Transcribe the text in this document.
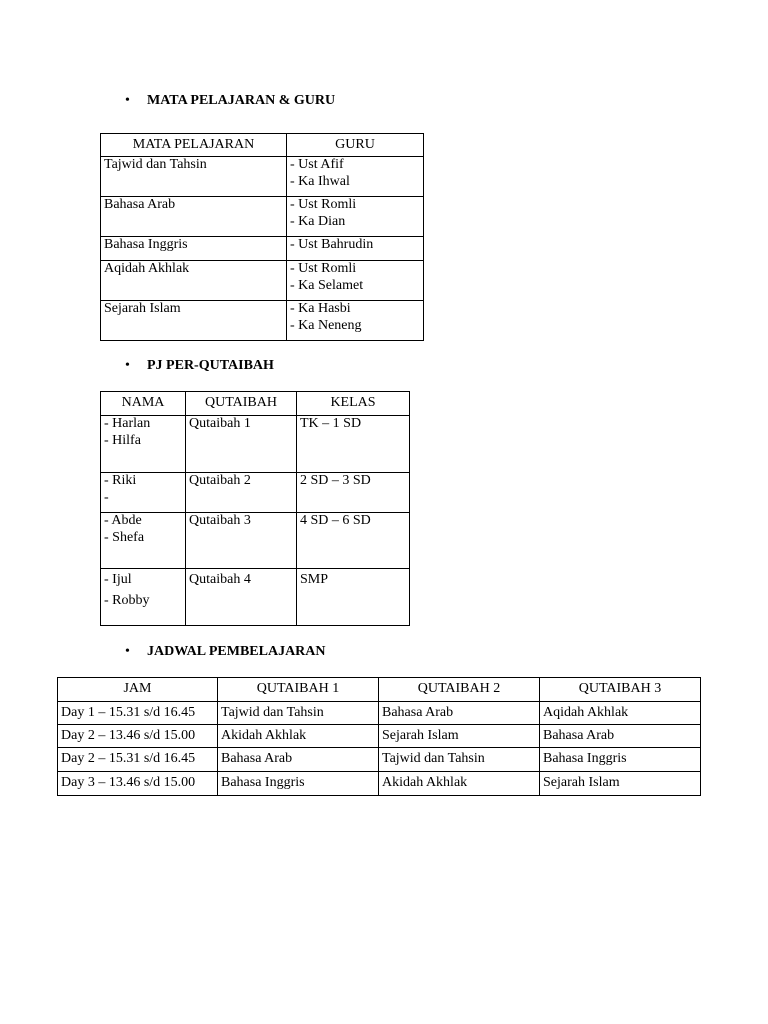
• MATA PELAJARAN & GURU
MATA PELAJARAN	GURU
Tajwid dan Tahsin	- Ust Afif
- Ka Ihwal

Bahasa Arab	- Ust Romli
- Ka Dian

Bahasa Inggris	- Ust Bahrudin

Aqidah Akhlak	- Ust Romli
- Ka Selamet

Sejarah Islam	- Ka Hasbi
- Ka Neneng
• PJ PER-QUTAIBAH
NAMA	QUTAIBAH	KELAS

- Harlan
- Hilfa	Qutaibah 1	TK – 1 SD

- Riki
-	Qutaibah 2	2 SD – 3 SD

- Abde
- Shefa	Qutaibah 3	4 SD – 6 SD

- Ijul
- Robby	Qutaibah 4	SMP
• JADWAL PEMBELAJARAN
JAM	QUTAIBAH 1	QUTAIBAH 2	QUTAIBAH 3
Day 1 – 15.31 s/d 16.45	Tajwid dan Tahsin	Bahasa Arab	Aqidah Akhlak
Day 2 – 13.46 s/d 15.00	Akidah Akhlak	Sejarah Islam	Bahasa Arab
Day 2 – 15.31 s/d 16.45	Bahasa Arab	Tajwid dan Tahsin	Bahasa Inggris
Day 3 – 13.46 s/d 15.00	Bahasa Inggris	Akidah Akhlak	Sejarah Islam
